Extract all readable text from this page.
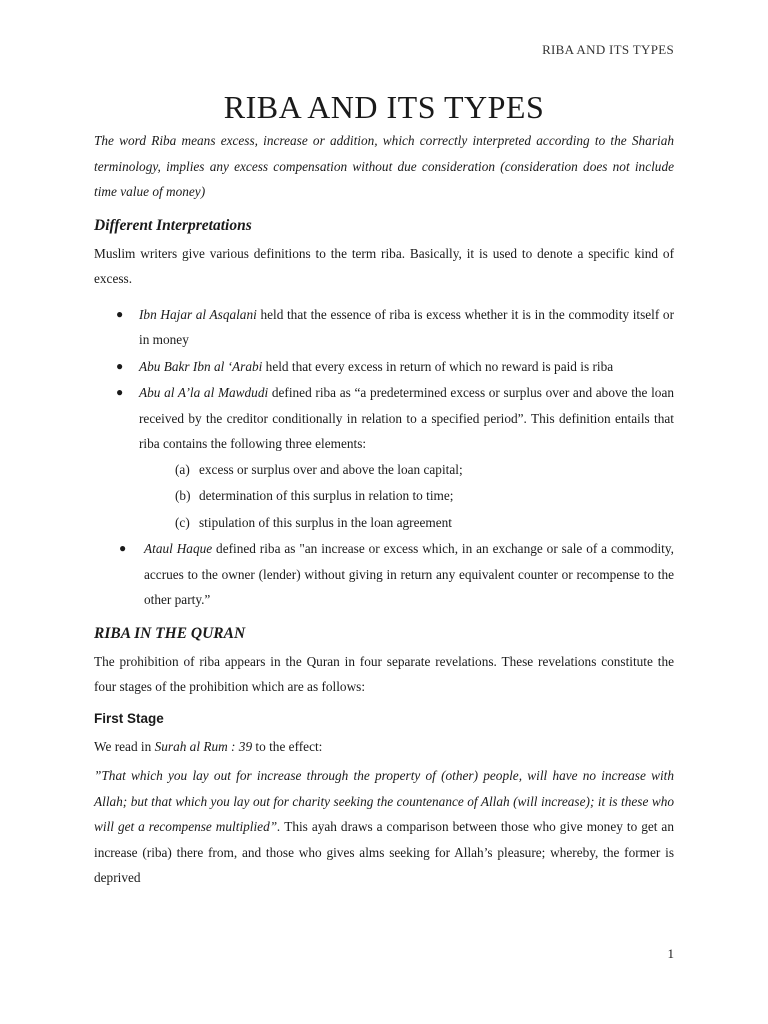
RIBA AND ITS TYPES
RIBA AND ITS TYPES

The word Riba means excess, increase or addition, which correctly interpreted according to the Shariah terminology, implies any excess compensation without due consideration (consideration does not include time value of money)

Different Interpretations

Muslim writers give various definitions to the term riba. Basically, it is used to denote a specific kind of excess.

● Ibn Hajar al Asqalani held that the essence of riba is excess whether it is in the commodity itself or in money
● Abu Bakr Ibn al ‘Arabi held that every excess in return of which no reward is paid is riba
● Abu al A’la al Mawdudi defined riba as “a predetermined excess or surplus over and above the loan received by the creditor conditionally in relation to a specified period”. This definition entails that riba contains the following three elements:
(a) excess or surplus over and above the loan capital;
(b) determination of this surplus in relation to time;
(c) stipulation of this surplus in the loan agreement
● Ataul Haque defined riba as "an increase or excess which, in an exchange or sale of a commodity, accrues to the owner (lender) without giving in return any equivalent counter or recompense to the other party.”
RIBA IN THE QURAN

The prohibition of riba appears in the Quran in four separate revelations. These revelations constitute the four stages of the prohibition which are as follows:

First Stage

We read in Surah al Rum : 39 to the effect:

”That which you lay out for increase through the property of (other) people, will have no increase with Allah; but that which you lay out for charity seeking the countenance of Allah (will increase); it is these who will get a recompense multiplied”. This ayah draws a comparison between those who give money to get an increase (riba) there from, and those who gives alms seeking for Allah’s pleasure; whereby, the former is deprived

1
